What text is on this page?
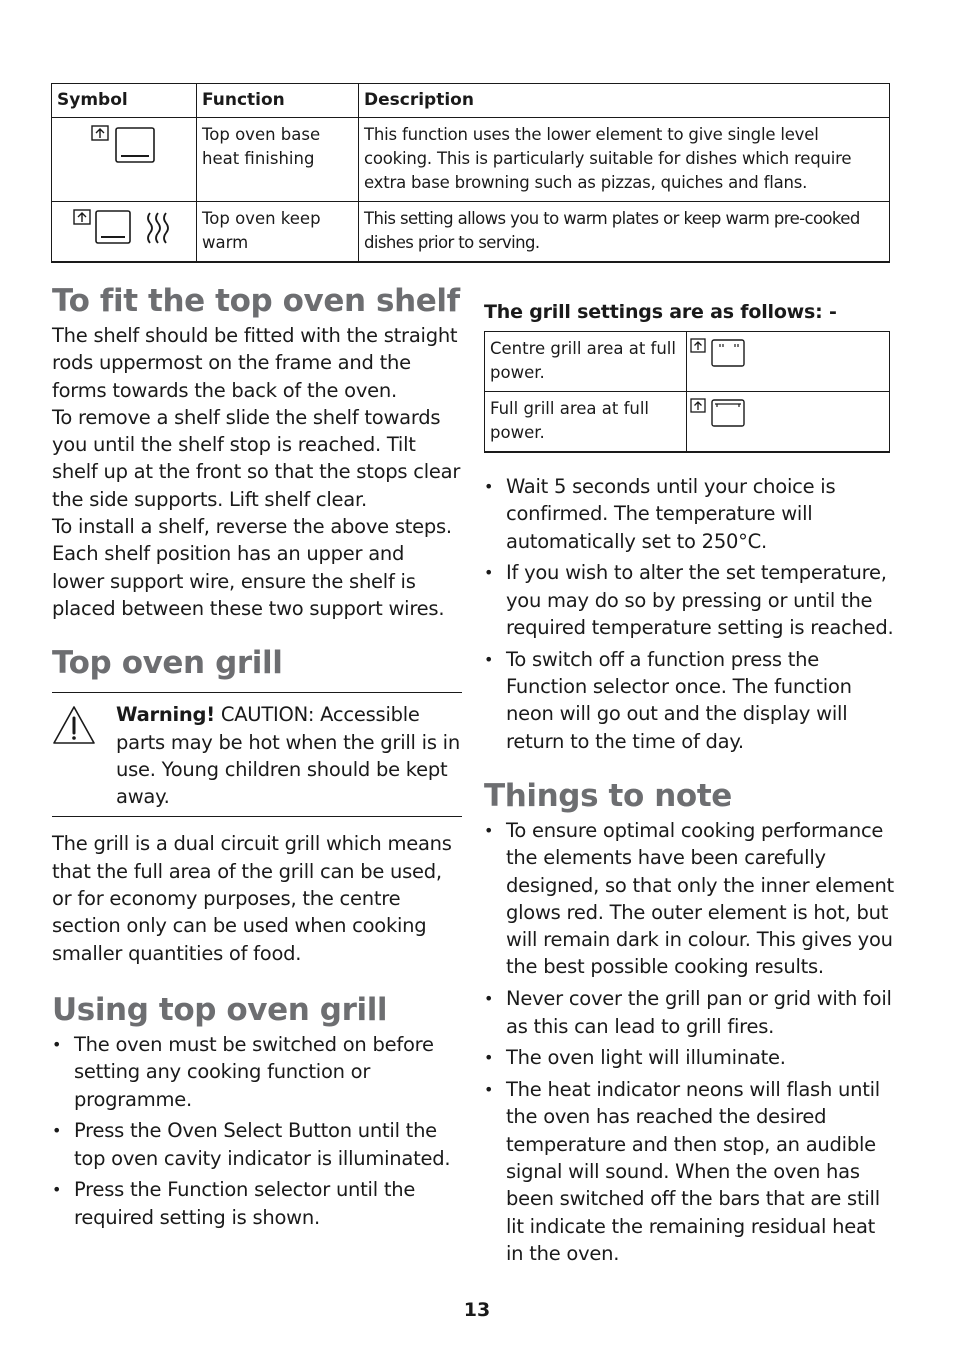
Symbol	Function	Description

	Top oven base heat finishing	This function uses the lower element to give single level cooking. This is particularly suitable for dishes which require extra base browning such as pizzas, quiches and flans.

	Top oven keep warm	This setting allows you to warm plates or keep warm pre-cooked dishes prior to serving.
To fit the top oven shelf

The shelf should be fitted with the straight rods uppermost on the frame and the forms towards the back of the oven.

To remove a shelf slide the shelf towards you until the shelf stop is reached. Tilt shelf up at the front so that the stops clear the side supports. Lift shelf clear.

To install a shelf, reverse the above steps. Each shelf position has an upper and lower support wire, ensure the shelf is placed between these two support wires.

Top oven grill

Warning! CAUTION: Accessible parts may be hot when the grill is in use. Young children should be kept away.

The grill is a dual circuit grill which means that the full area of the grill can be used, or for economy purposes, the centre section only can be used when cooking smaller quantities of food.

Using top oven grill
• The oven must be switched on before setting any cooking function or programme.
• Press the Oven Select Button until the top oven cavity indicator is illuminated.
• Press the Function selector until the required setting is shown.

The grill settings are as follows: -

Centre grill area at full power.	
Full grill area at full power.	
• Wait 5 seconds until your choice is confirmed. The temperature will automatically set to 250°C.
• If you wish to alter the set temperature, you may do so by pressing or until the required temperature setting is reached.
• To switch off a function press the Function selector once. The function neon will go out and the display will return to the time of day.
Things to note
• To ensure optimal cooking performance the elements have been carefully designed, so that only the inner element glows red. The outer element is hot, but will remain dark in colour. This gives you the best possible cooking results.
• Never cover the grill pan or grid with foil as this can lead to grill fires.
• The oven light will illuminate.
• The heat indicator neons will flash until the oven has reached the desired temperature and then stop, an audible signal will sound. When the oven has been switched off the bars that are still lit indicate the remaining residual heat in the oven.
13
